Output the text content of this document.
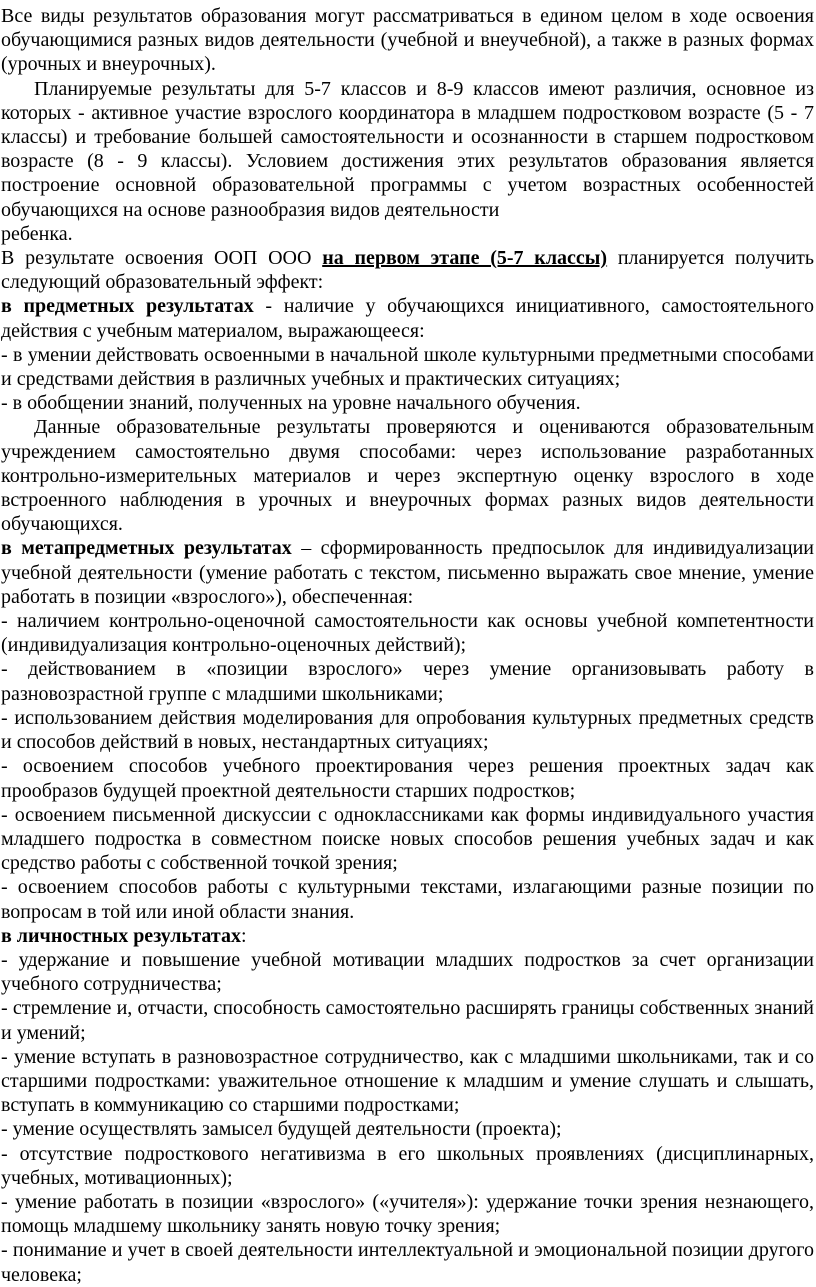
Все виды результатов образования могут рассматриваться в едином целом в ходе освоения обучающимися разных видов деятельности (учебной и внеучебной), а также в разных формах (урочных и внеурочных).

Планируемые результаты для 5-7 классов и 8-9 классов имеют различия, основное из которых - активное участие взрослого координатора в младшем подростковом возрасте (5 - 7 классы) и требование большей самостоятельности и осознанности в старшем подростковом возрасте (8 - 9 классы). Условием достижения этих результатов образования является построение основной образовательной программы с учетом возрастных особенностей обучающихся на основе разнообразия видов деятельности

ребенка.

В результате освоения ООП ООО на первом этапе (5-7 классы) планируется получить следующий образовательный эффект:

в предметных результатах - наличие у обучающихся инициативного, самостоятельного действия с учебным материалом, выражающееся:

- в умении действовать освоенными в начальной школе культурными предметными способами и средствами действия в различных учебных и практических ситуациях;

- в обобщении знаний, полученных на уровне начального обучения.

Данные образовательные результаты проверяются и оцениваются образовательным учреждением самостоятельно двумя способами: через использование разработанных контрольно-измерительных материалов и через экспертную оценку взрослого в ходе встроенного наблюдения в урочных и внеурочных формах разных видов деятельности обучающихся.

в метапредметных результатах – сформированность предпосылок для индивидуализации учебной деятельности (умение работать с текстом, письменно выражать свое мнение, умение работать в позиции «взрослого»), обеспеченная:

- наличием контрольно-оценочной самостоятельности как основы учебной компетентности (индивидуализация контрольно-оценочных действий);

- действованием в «позиции взрослого» через умение организовывать работу в разновозрастной группе с младшими школьниками;

- использованием действия моделирования для опробования культурных предметных средств и способов действий в новых, нестандартных ситуациях;

- освоением способов учебного проектирования через решения проектных задач как прообразов будущей проектной деятельности старших подростков;

- освоением письменной дискуссии с одноклассниками как формы индивидуального участия младшего подростка в совместном поиске новых способов решения учебных задач и как средство работы с собственной точкой зрения;

- освоением способов работы с культурными текстами, излагающими разные позиции по вопросам в той или иной области знания.

в личностных результатах:

- удержание и повышение учебной мотивации младших подростков за счет организации учебного сотрудничества;

- стремление и, отчасти, способность самостоятельно расширять границы собственных знаний и умений;

- умение вступать в разновозрастное сотрудничество, как с младшими школьниками, так и со старшими подростками: уважительное отношение к младшим и умение слушать и слышать, вступать в коммуникацию со старшими подростками;

- умение осуществлять замысел будущей деятельности (проекта);

- отсутствие подросткового негативизма в его школьных проявлениях (дисциплинарных, учебных, мотивационных);

- умение работать в позиции «взрослого» («учителя»): удержание точки зрения незнающего, помощь младшему школьнику занять новую точку зрения;

- понимание и учет в своей деятельности интеллектуальной и эмоциональной позиции другого человека;
